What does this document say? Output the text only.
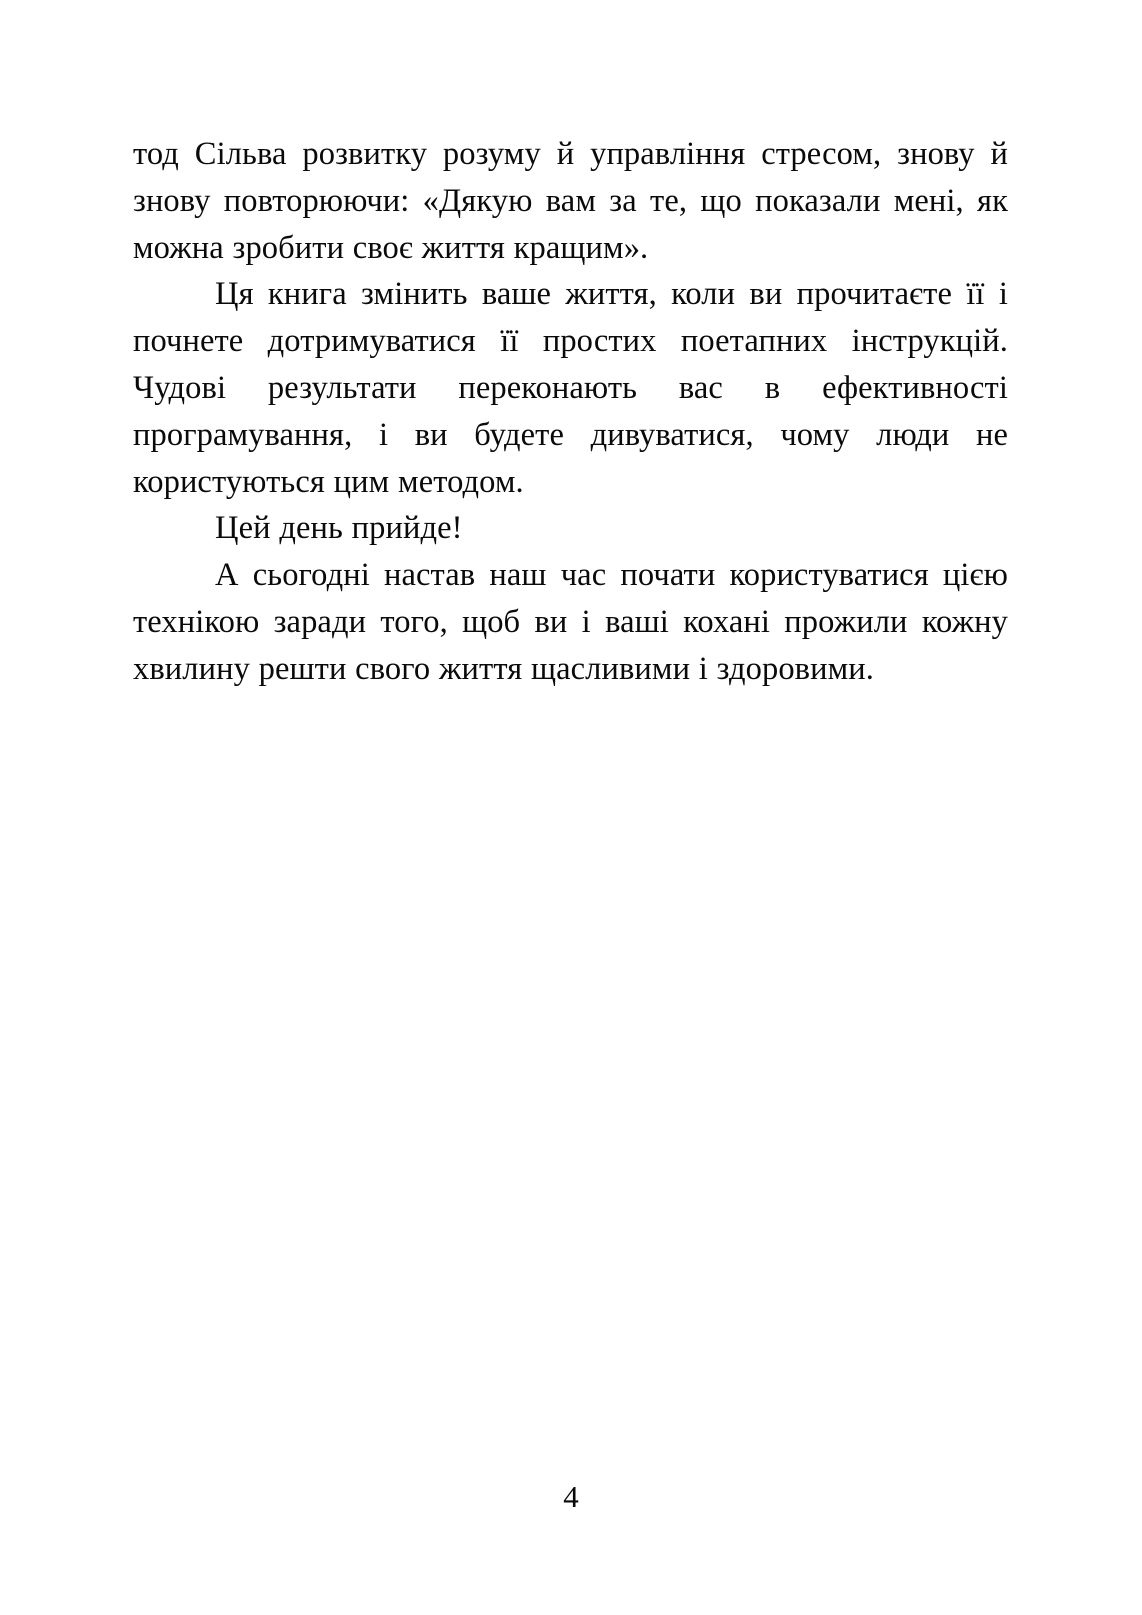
тод Сільва розвитку розуму й управління стресом, знову й знову повторюючи: «Дякую вам за те, що показали мені, як можна зробити своє життя кращим».

Ця книга змінить ваше життя, коли ви прочитаєте її і почнете дотримуватися її простих поетапних інструкцій. Чудові результати переконають вас в ефективності програмування, і ви будете дивуватися, чому люди не користуються цим методом.

Цей день прийде!

А сьогодні настав наш час почати користуватися цією технікою заради того, щоб ви і ваші кохані прожили кожну хвилину решти свого життя щасливими і здоровими.

4
